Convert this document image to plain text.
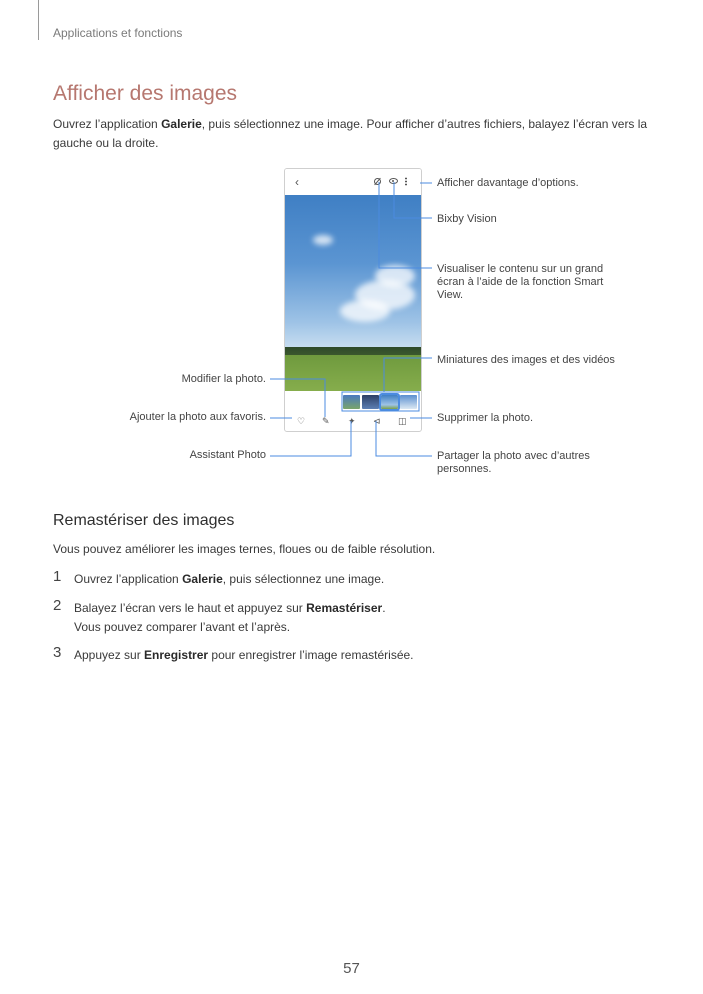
Applications et fonctions
Afficher des images
Ouvrez l’application Galerie, puis sélectionnez une image. Pour afficher d’autres fichiers, balayez l’écran vers la gauche ou la droite.
‹
♡ ✎ ✦ ⊲ ◫
Afficher davantage d’options.
Bixby Vision
Visualiser le contenu sur un grand écran à l’aide de la fonction Smart View.
Miniatures des images et des vidéos
Modifier la photo.
Ajouter la photo aux favoris.	Supprimer la photo.
Assistant Photo	Partager la photo avec d’autres personnes.
Remastériser des images
Vous pouvez améliorer les images ternes, floues ou de faible résolution.
1 Ouvrez l’application Galerie, puis sélectionnez une image.
2 Balayez l’écran vers le haut et appuyez sur Remastériser.
Vous pouvez comparer l’avant et l’après.
3 Appuyez sur Enregistrer pour enregistrer l’image remastérisée.
57
